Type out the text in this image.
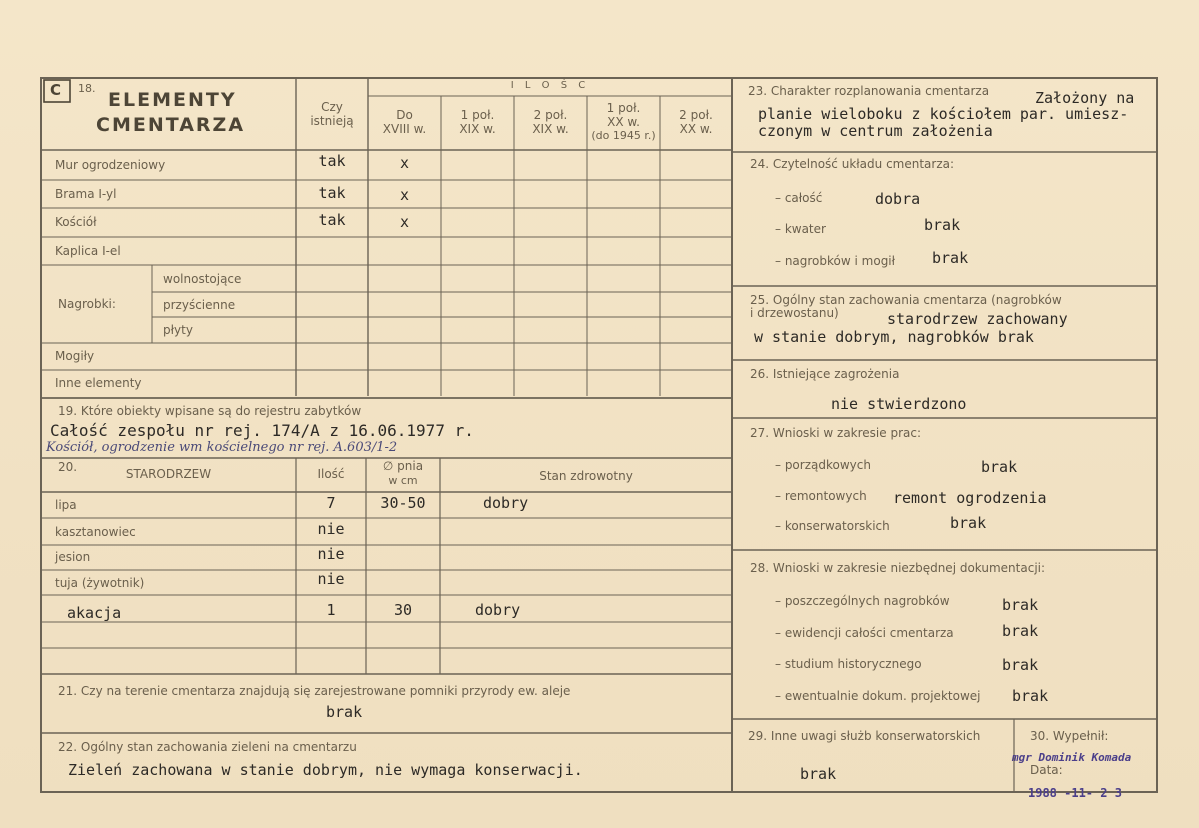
C 18.
ELEMENTY
CMENTARZA
Czy
istnieją
I L O Ś C
Do
XVIII w.
1 poł.
XIX w.
2 poł.
XIX w.
1 poł.
XX w.
(do 1945 r.)
2 poł.
XX w.
Mur ogrodzeniowy	tak	x
Brama I-yl	tak	x
Kościół	tak	x
Kaplica I-el
Nagrobki:
wolnostojące
przyścienne
płyty
Mogiły
Inne elementy
19. Które obiekty wpisane są do rejestru zabytków
Całość zespołu nr rej. 174/A z 16.06.1977 r.
Kościół, ogrodzenie wm kościelnego nr rej. A.603/1-2
20.	STARODRZEW	Ilość
∅ pnia
w cm	Stan zdrowotny
lipa	7	30-50	dobry
kasztanowiec	nie
jesion	nie
tuja (żywotnik)	nie
akacja	1	30	dobry
21. Czy na terenie cmentarza znajdują się zarejestrowane pomniki przyrody ew. aleje
brak
22. Ogólny stan zachowania zieleni na cmentarzu
Zieleń zachowana w stanie dobrym, nie wymaga konserwacji.
23. Charakter rozplanowania cmentarza	Założony na
planie wieloboku z kościołem par. umiesz-
czonym w centrum założenia
24. Czytelność układu cmentarza:
– całość	dobra
– kwater	brak
– nagrobków i mogił brak
25. Ogólny stan zachowania cmentarza (nagrobków
i drzewostanu)	starodrzew zachowany
w stanie dobrym, nagrobków brak
26. Istniejące zagrożenia
nie stwierdzono
27. Wnioski w zakresie prac:
– porządkowych	brak
– remontowych remont ogrodzenia
– konserwatorskich	brak
28. Wnioski w zakresie niezbędnej dokumentacji:
– poszczególnych nagrobków	brak
– ewidencji całości cmentarza	brak
– studium historycznego	brak
– ewentualnie dokum. projektowej brak
29. Inne uwagi służb konserwatorskich
brak
30. Wypełnił:
mgr Dominik Komada
Data:
1988 -11- 2 3
